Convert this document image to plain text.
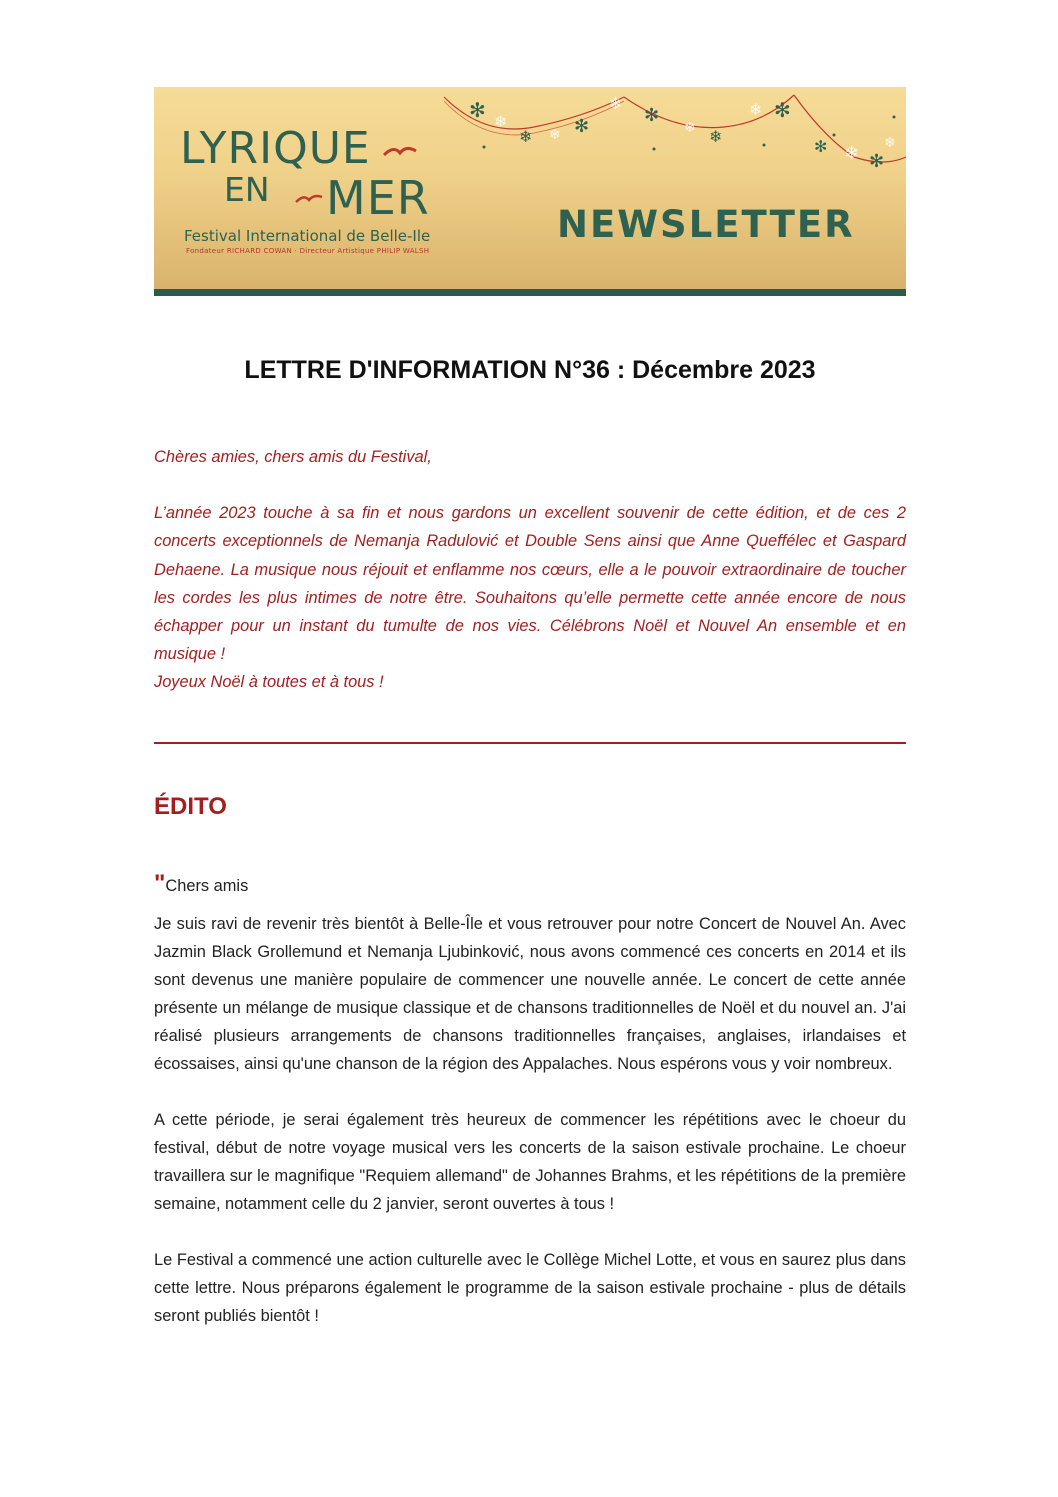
✻
❄
✻
✻
❄
✻
✻
✻
❄
❄
❄
❄
❄
❄
❄
LYRIQUE
EN MER
Festival International de Belle-Ile
Fondateur RICHARD COWAN · Directeur Artistique PHILIP WALSH
NEWSLETTER
LETTRE D'INFORMATION N°36 : Décembre 2023

Chères amies, chers amis du Festival,

L’année 2023 touche à sa fin et nous gardons un excellent souvenir de cette édition, et de ces 2 concerts exceptionnels de Nemanja Radulović et Double Sens ainsi que Anne Queffélec et Gaspard Dehaene. La musique nous réjouit et enflamme nos cœurs, elle a le pouvoir extraordinaire de toucher les cordes les plus intimes de notre être. Souhaitons qu’elle permette cette année encore de nous échapper pour un instant du tumulte de nos vies. Célébrons Noël et Nouvel An ensemble et en musique !

Joyeux Noël à toutes et à tous !

ÉDITO

"Chers amis

Je suis ravi de revenir très bientôt à Belle-Île et vous retrouver pour notre Concert de Nouvel An. Avec Jazmin Black Grollemund et Nemanja Ljubinković, nous avons commencé ces concerts en 2014 et ils sont devenus une manière populaire de commencer une nouvelle année. Le concert de cette année présente un mélange de musique classique et de chansons traditionnelles de Noël et du nouvel an. J'ai réalisé plusieurs arrangements de chansons traditionnelles françaises, anglaises, irlandaises et écossaises, ainsi qu'une chanson de la région des Appalaches. Nous espérons vous y voir nombreux.

A cette période, je serai également très heureux de commencer les répétitions avec le choeur du festival, début de notre voyage musical vers les concerts de la saison estivale prochaine. Le choeur travaillera sur le magnifique "Requiem allemand" de Johannes Brahms, et les répétitions de la première semaine, notamment celle du 2 janvier, seront ouvertes à tous !

Le Festival a commencé une action culturelle avec le Collège Michel Lotte, et vous en saurez plus dans cette lettre. Nous préparons également le programme de la saison estivale prochaine - plus de détails seront publiés bientôt !
